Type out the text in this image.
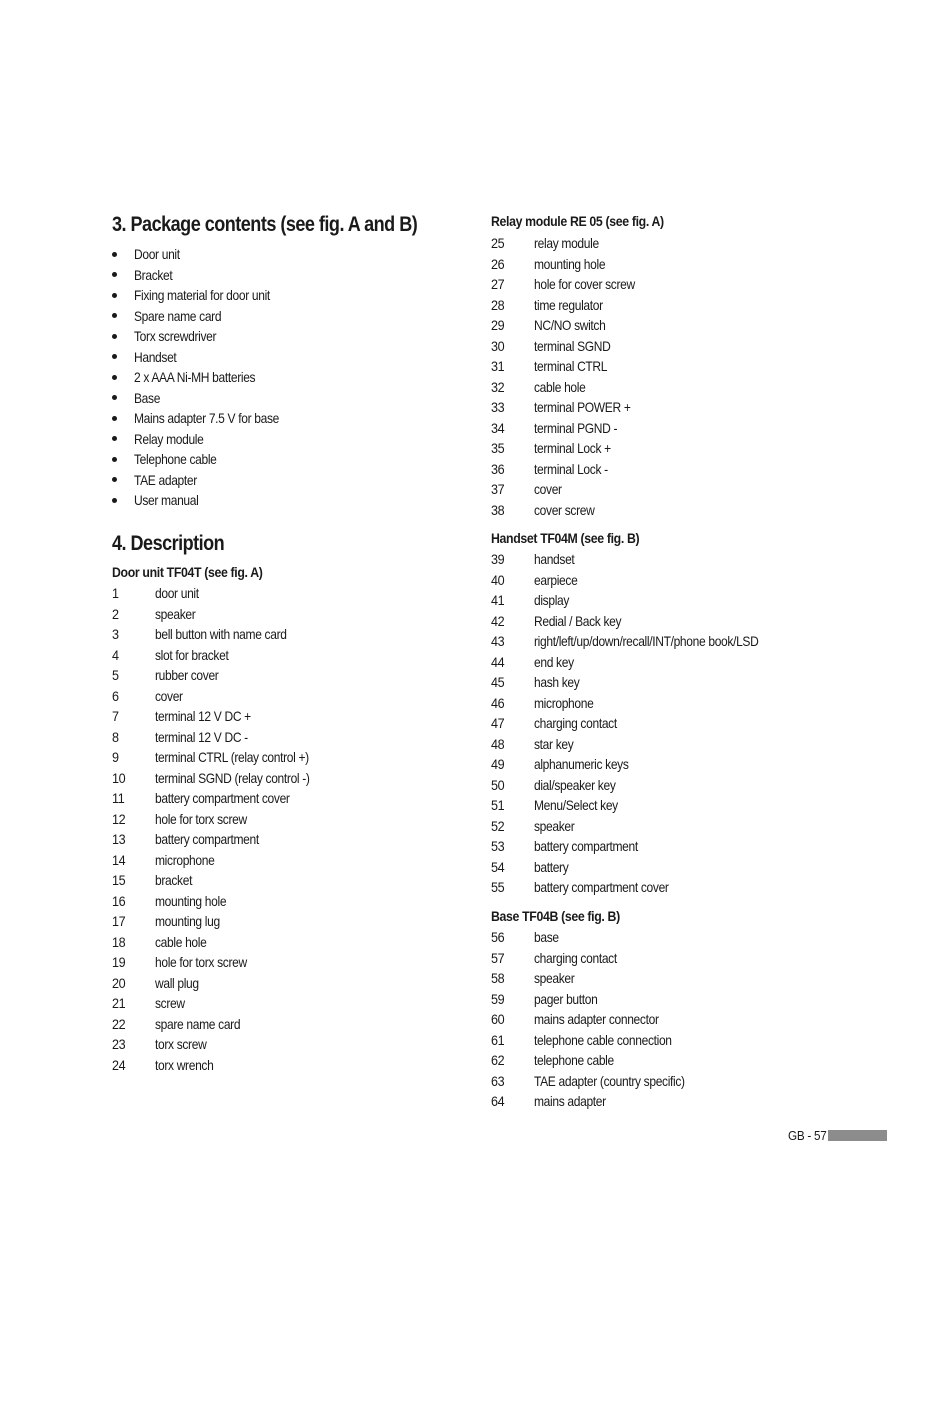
3. Package contents (see fig. A and B)
Door unit
Bracket
Fixing material for door unit
Spare name card
Torx screwdriver
Handset
2 x AAA Ni-MH batteries
Base
Mains adapter 7.5 V for base
Relay module
Telephone cable
TAE adapter
User manual
4. Description
Door unit TF04T (see fig. A)
1	door unit
2	speaker
3	bell button with name card
4	slot for bracket
5	rubber cover
6	cover
7	terminal 12 V DC +
8	terminal 12 V DC -
9	terminal CTRL (relay control +)
10 terminal SGND (relay control -)
11 battery compartment cover
12 hole for torx screw
13 battery compartment
14 microphone
15 bracket
16 mounting hole
17 mounting lug
18 cable hole
19 hole for torx screw
20 wall plug
21 screw
22 spare name card
23 torx screw
24 torx wrench
Relay module RE 05 (see fig. A)
25 relay module
26 mounting hole
27 hole for cover screw
28 time regulator
29 NC/NO switch
30 terminal SGND
31 terminal CTRL
32 cable hole
33 terminal POWER +
34 terminal PGND -
35 terminal Lock +
36 terminal Lock -
37 cover
38 cover screw
Handset TF04M (see fig. B)
39 handset
40 earpiece
41 display
42 Redial / Back key
43 right/left/up/down/recall/INT/phone book/LSD
44 end key
45 hash key
46 microphone
47 charging contact
48 star key
49 alphanumeric keys
50 dial/speaker key
51 Menu/Select key
52 speaker
53 battery compartment
54 battery
55 battery compartment cover
Base TF04B (see fig. B)
56 base
57 charging contact
58 speaker
59 pager button
60 mains adapter connector
61 telephone cable connection
62 telephone cable
63 TAE adapter (country specific)
64 mains adapter
GB - 57
